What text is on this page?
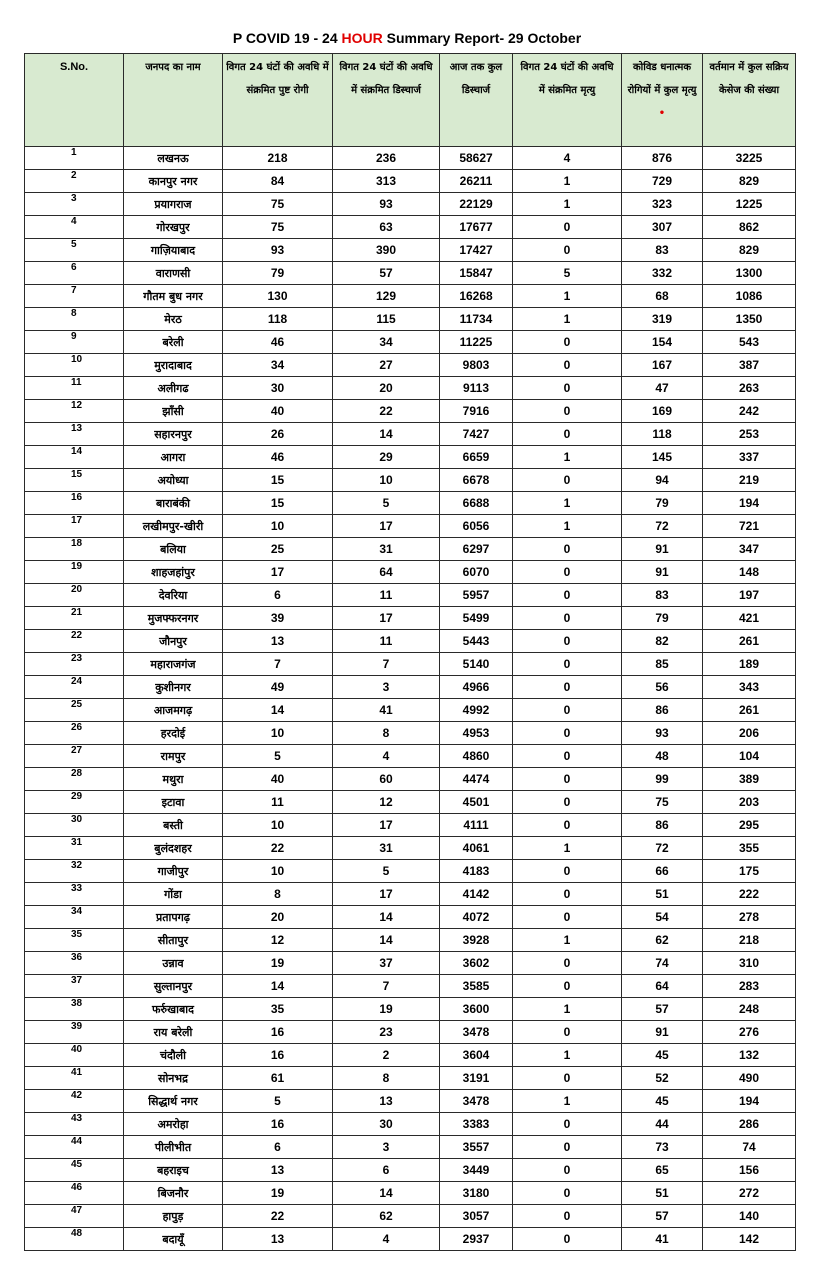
P COVID 19 - 24 HOUR Summary Report- 29 October
S.No.	जनपद का नाम	विगत 24 घंटों की अवधि में संक्रमित पुष्ट रोगी	विगत 24 घंटों की अवधि में संक्रमित डिस्चार्ज	आज तक कुल डिस्चार्ज	विगत 24 घंटों की अवधि में संक्रमित मृत्यु	कोविड धनात्मक रोगियों में कुल मृत्यु •	वर्तमान में कुल सक्रिय केसेज की संख्या
1	लखनऊ	218	236	58627	4	876	3225
2	कानपुर नगर	84	313	26211	1	729	829
3	प्रयागराज	75	93	22129	1	323	1225
4	गोरखपुर	75	63	17677	0	307	862
5	गाज़ियाबाद	93	390	17427	0	83	829
6	वाराणसी	79	57	15847	5	332	1300
7	गौतम बुध नगर	130	129	16268	1	68	1086
8	मेरठ	118	115	11734	1	319	1350
9	बरेली	46	34	11225	0	154	543
10	मुरादाबाद	34	27	9803	0	167	387
11	अलीगढ	30	20	9113	0	47	263
12	झाँसी	40	22	7916	0	169	242
13	सहारनपुर	26	14	7427	0	118	253
14	आगरा	46	29	6659	1	145	337
15	अयोध्या	15	10	6678	0	94	219
16	बाराबंकी	15	5	6688	1	79	194
17	लखीमपुर-खीरी	10	17	6056	1	72	721
18	बलिया	25	31	6297	0	91	347
19	शाहजहांपुर	17	64	6070	0	91	148
20	देवरिया	6	11	5957	0	83	197
21	मुजफ्फरनगर	39	17	5499	0	79	421
22	जौनपुर	13	11	5443	0	82	261
23	महाराजगंज	7	7	5140	0	85	189
24	कुशीनगर	49	3	4966	0	56	343
25	आजमगढ़	14	41	4992	0	86	261
26	हरदोई	10	8	4953	0	93	206
27	रामपुर	5	4	4860	0	48	104
28	मथुरा	40	60	4474	0	99	389
29	इटावा	11	12	4501	0	75	203
30	बस्ती	10	17	4111	0	86	295
31	बुलंदशहर	22	31	4061	1	72	355
32	गाजीपुर	10	5	4183	0	66	175
33	गोंडा	8	17	4142	0	51	222
34	प्रतापगढ़	20	14	4072	0	54	278
35	सीतापुर	12	14	3928	1	62	218
36	उन्नाव	19	37	3602	0	74	310
37	सुल्तानपुर	14	7	3585	0	64	283
38	फर्रुखाबाद	35	19	3600	1	57	248
39	राय बरेली	16	23	3478	0	91	276
40	चंदौली	16	2	3604	1	45	132
41	सोनभद्र	61	8	3191	0	52	490
42	सिद्धार्थ नगर	5	13	3478	1	45	194
43	अमरोहा	16	30	3383	0	44	286
44	पीलीभीत	6	3	3557	0	73	74
45	बहराइच	13	6	3449	0	65	156
46	बिजनौर	19	14	3180	0	51	272
47	हापुड़	22	62	3057	0	57	140
48	बदायूँ	13	4	2937	0	41	142
